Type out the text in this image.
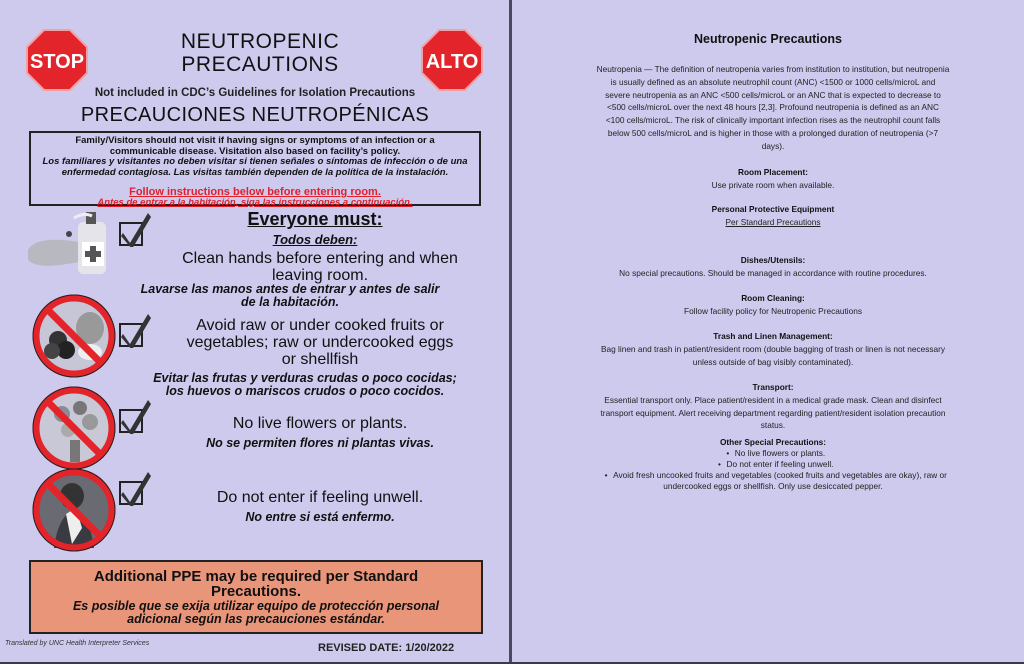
STOP	ALTO
NEUTROPENIC
PRECAUTIONS
Not included in CDC’s Guidelines for Isolation Precautions
PRECAUCIONES NEUTROPÉNICAS
Family/Visitors should not visit if having signs or symptoms of an infection or a
communicable disease. Visitation also based on facility’s policy.
Los familiares y visitantes no deben visitar si tienen señales o síntomas de infección o de una
enfermedad contagiosa. Las visitas también dependen de la política de la instalación.
Follow instructions below before entering room.
Antes de entrar a la habitación, siga las instrucciones a continuación.
Everyone must:
Todos deben:
Clean hands before entering and when
leaving room.
Lavarse las manos antes de entrar y antes de salir
de la habitación.
Avoid raw or under cooked fruits or
vegetables; raw or undercooked eggs
or shellfish
Evitar las frutas y verduras crudas o poco cocidas;
los huevos o mariscos crudos o poco cocidos.
No live flowers or plants.
No se permiten flores ni plantas vivas.
Do not enter if feeling unwell.
No entre si está enfermo.
Additional PPE may be required per Standard
Precautions.
Es posible que se exija utilizar equipo de protección personal
adicional según las precauciones estándar.
Translated by UNC Health Interpreter Services	REVISED DATE: 1/20/2022
Neutropenic Precautions
Neutropenia — The definition of neutropenia varies from institution to institution, but neutropenia
is usually defined as an absolute neutrophil count (ANC) <1500 or 1000 cells/microL and
severe neutropenia as an ANC <500 cells/microL or an ANC that is expected to decrease to
<500 cells/microL over the next 48 hours [2,3]. Profound neutropenia is defined as an ANC
<100 cells/microL. The risk of clinically important infection rises as the neutrophil count falls
below 500 cells/microL and is higher in those with a prolonged duration of neutropenia (>7
days).
Room Placement:
Use private room when available.
Personal Protective Equipment
Per Standard Precautions
Dishes/Utensils:
No special precautions. Should be managed in accordance with routine procedures.
Room Cleaning:
Follow facility policy for Neutropenic Precautions
Trash and Linen Management:
Bag linen and trash in patient/resident room (double bagging of trash or linen is not necessary
unless outside of bag visibly contaminated).
Transport:
Essential transport only. Place patient/resident in a medical grade mask. Clean and disinfect
transport equipment. Alert receiving department regarding patient/resident isolation precaution
status.
Other Special Precautions:
• No live flowers or plants.
• Do not enter if feeling unwell.
• Avoid fresh uncooked fruits and vegetables (cooked fruits and vegetables are okay), raw or
undercooked eggs or shellfish. Only use desiccated pepper.
